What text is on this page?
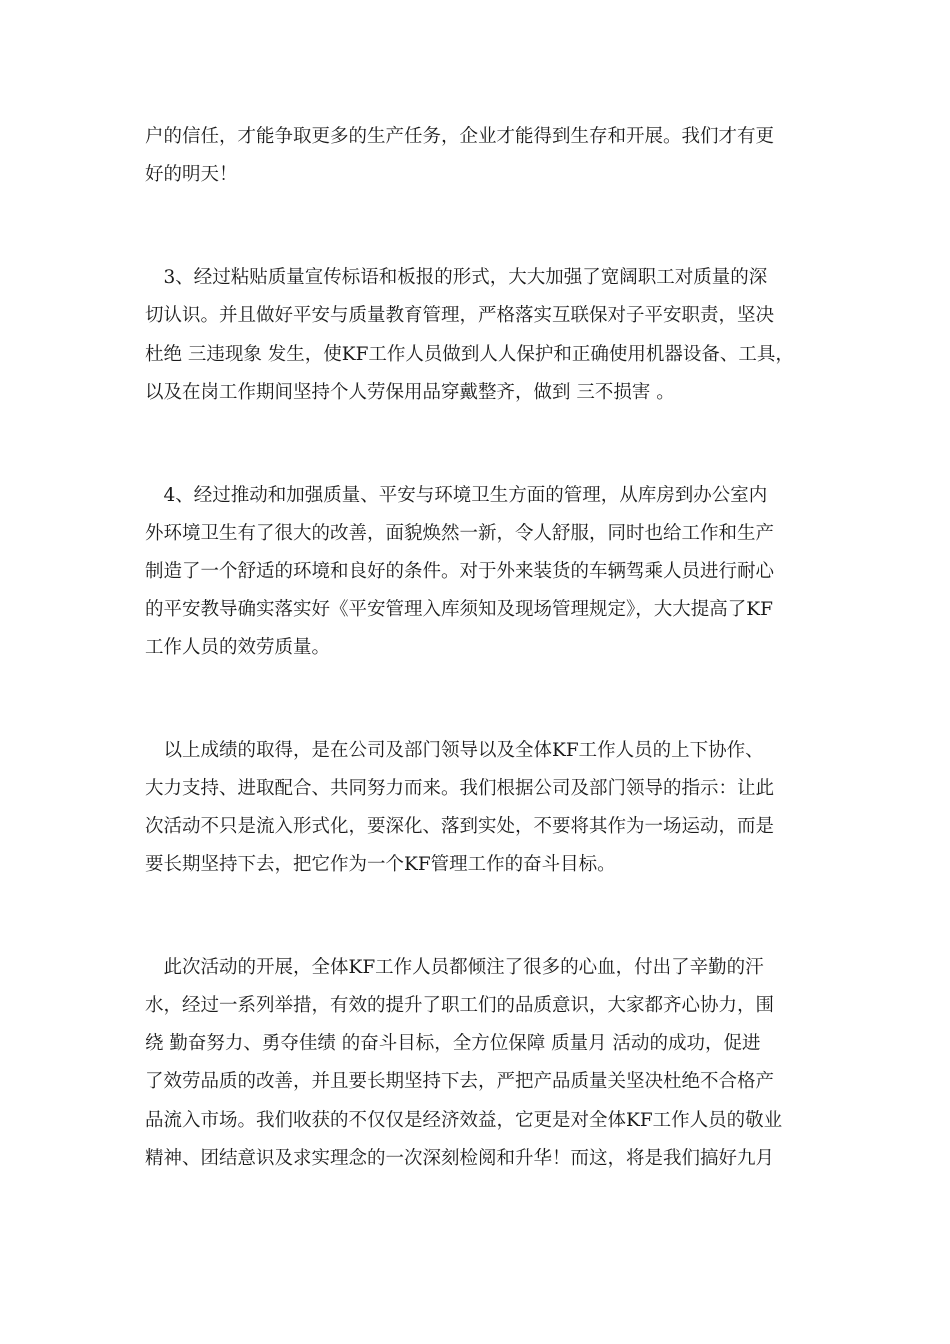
户的信任，才能争取更多的生产任务，企业才能得到生存和开展。我们才有更
好的明天！
　3、经过粘贴质量宣传标语和板报的形式，大大加强了宽阔职工对质量的深
切认识。并且做好平安与质量教育管理，严格落实互联保对子平安职责，坚决
杜绝 三违现象 发生，使KF工作人员做到人人保护和正确使用机器设备、工具，
以及在岗工作期间坚持个人劳保用品穿戴整齐，做到 三不损害 。
　4、经过推动和加强质量、平安与环境卫生方面的管理，从库房到办公室内
外环境卫生有了很大的改善，面貌焕然一新，令人舒服，同时也给工作和生产
制造了一个舒适的环境和良好的条件。对于外来装货的车辆驾乘人员进行耐心
的平安教导确实落实好《平安管理入库须知及现场管理规定》，大大提高了KF
工作人员的效劳质量。
　以上成绩的取得，是在公司及部门领导以及全体KF工作人员的上下协作、
大力支持、进取配合、共同努力而来。我们根据公司及部门领导的指示：让此
次活动不只是流入形式化，要深化、落到实处，不要将其作为一场运动，而是
要长期坚持下去，把它作为一个KF管理工作的奋斗目标。
　此次活动的开展，全体KF工作人员都倾注了很多的心血，付出了辛勤的汗
水，经过一系列举措，有效的提升了职工们的品质意识，大家都齐心协力，围
绕 勤奋努力、勇夺佳绩 的奋斗目标，全方位保障 质量月 活动的成功，促进
了效劳品质的改善，并且要长期坚持下去，严把产品质量关坚决杜绝不合格产
品流入市场。我们收获的不仅仅是经济效益，它更是对全体KF工作人员的敬业
精神、团结意识及求实理念的一次深刻检阅和升华！而这，将是我们搞好九月
